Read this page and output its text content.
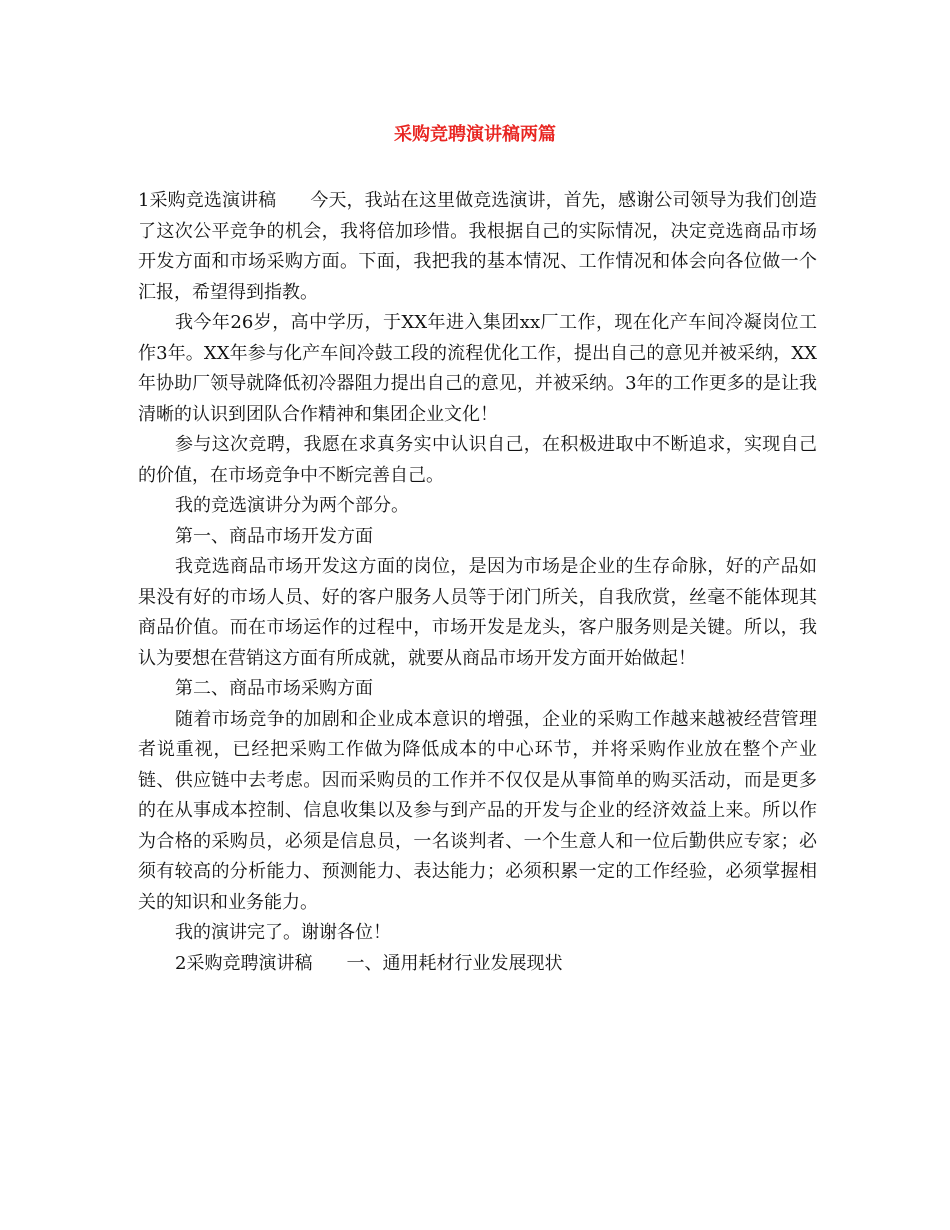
采购竞聘演讲稿两篇

1采购竞选演讲稿 今天，我站在这里做竞选演讲，首先，感谢公司领导为我们创造了这次公平竞争的机会，我将倍加珍惜。我根据自己的实际情况，决定竞选商品市场开发方面和市场采购方面。下面，我把我的基本情况、工作情况和体会向各位做一个汇报，希望得到指教。

我今年26岁，高中学历，于XX年进入集团xx厂工作，现在化产车间冷凝岗位工作3年。XX年参与化产车间冷鼓工段的流程优化工作，提出自己的意见并被采纳，XX年协助厂领导就降低初冷器阻力提出自己的意见，并被采纳。3年的工作更多的是让我清晰的认识到团队合作精神和集团企业文化！

参与这次竞聘，我愿在求真务实中认识自己，在积极进取中不断追求，实现自己的价值，在市场竞争中不断完善自己。

我的竞选演讲分为两个部分。

第一、商品市场开发方面

我竞选商品市场开发这方面的岗位，是因为市场是企业的生存命脉，好的产品如果没有好的市场人员、好的客户服务人员等于闭门所关，自我欣赏，丝毫不能体现其商品价值。而在市场运作的过程中，市场开发是龙头，客户服务则是关键。所以，我认为要想在营销这方面有所成就，就要从商品市场开发方面开始做起！

第二、商品市场采购方面

随着市场竞争的加剧和企业成本意识的增强，企业的采购工作越来越被经营管理者说重视，已经把采购工作做为降低成本的中心环节，并将采购作业放在整个产业链、供应链中去考虑。因而采购员的工作并不仅仅是从事简单的购买活动，而是更多的在从事成本控制、信息收集以及参与到产品的开发与企业的经济效益上来。所以作为合格的采购员，必须是信息员，一名谈判者、一个生意人和一位后勤供应专家；必须有较高的分析能力、预测能力、表达能力；必须积累一定的工作经验，必须掌握相关的知识和业务能力。

我的演讲完了。谢谢各位！

2采购竞聘演讲稿 一、通用耗材行业发展现状
